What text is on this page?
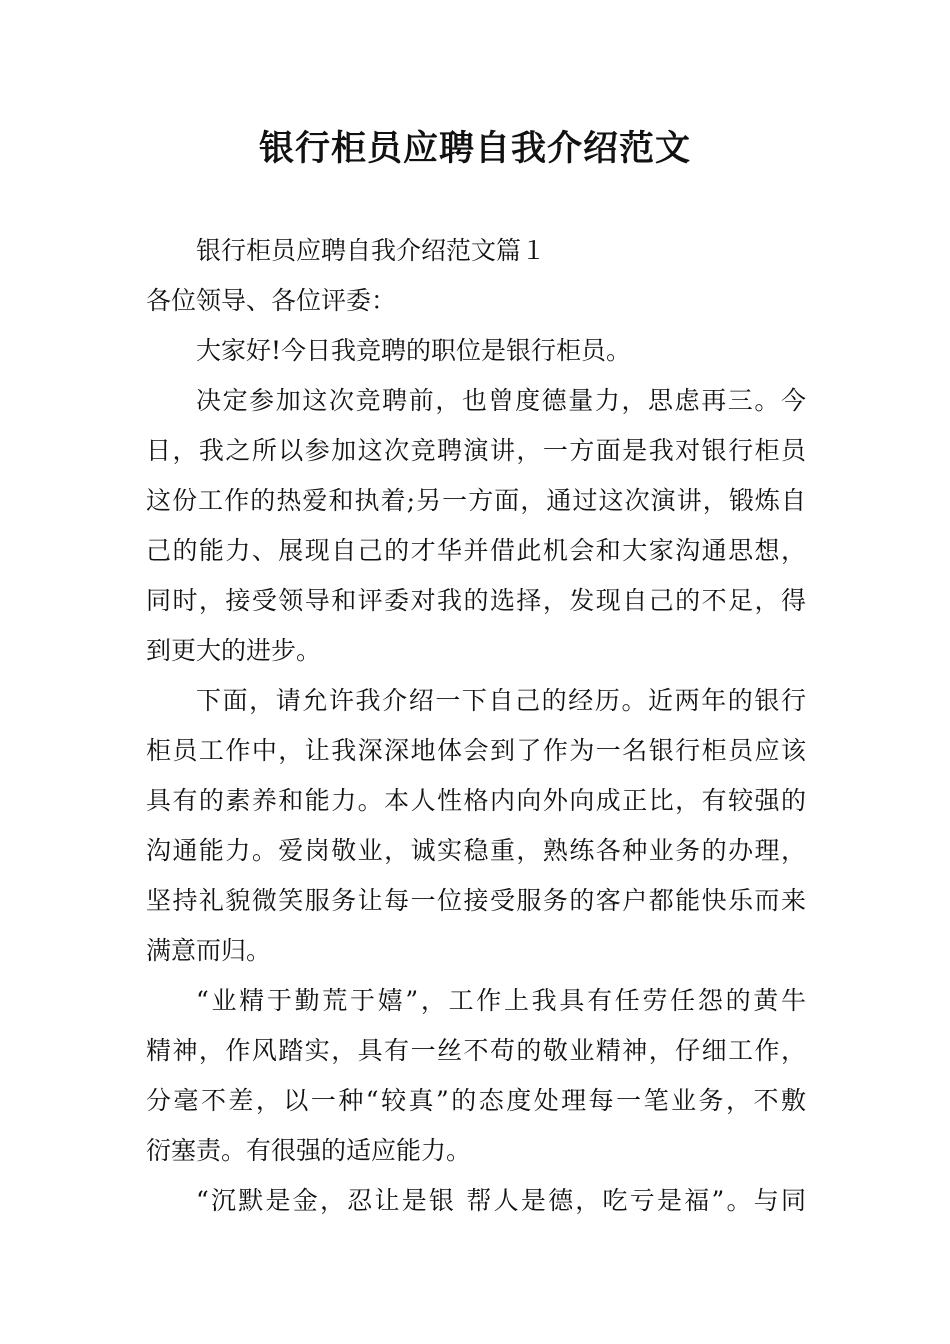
银行柜员应聘自我介绍范文
银行柜员应聘自我介绍范文篇１
各位领导、各位评委：
大家好!今日我竞聘的职位是银行柜员。
决定参加这次竞聘前，也曾度德量力，思虑再三。今
日，我之所以参加这次竞聘演讲，一方面是我对银行柜员
这份工作的热爱和执着;另一方面，通过这次演讲，锻炼自
己的能力、展现自己的才华并借此机会和大家沟通思想，
同时，接受领导和评委对我的选择，发现自己的不足，得
到更大的进步。
下面，请允许我介绍一下自己的经历。近两年的银行
柜员工作中，让我深深地体会到了作为一名银行柜员应该
具有的素养和能力。本人性格内向外向成正比，有较强的
沟通能力。爱岗敬业，诚实稳重，熟练各种业务的办理，
坚持礼貌微笑服务让每一位接受服务的客户都能快乐而来
满意而归。
“业精于勤荒于嬉”，工作上我具有任劳任怨的黄牛
精神，作风踏实，具有一丝不苟的敬业精神，仔细工作，
分毫不差，以一种“较真”的态度处理每一笔业务，不敷
衍塞责。有很强的适应能力。
“沉默是金，忍让是银 帮人是德，吃亏是福”。与同
